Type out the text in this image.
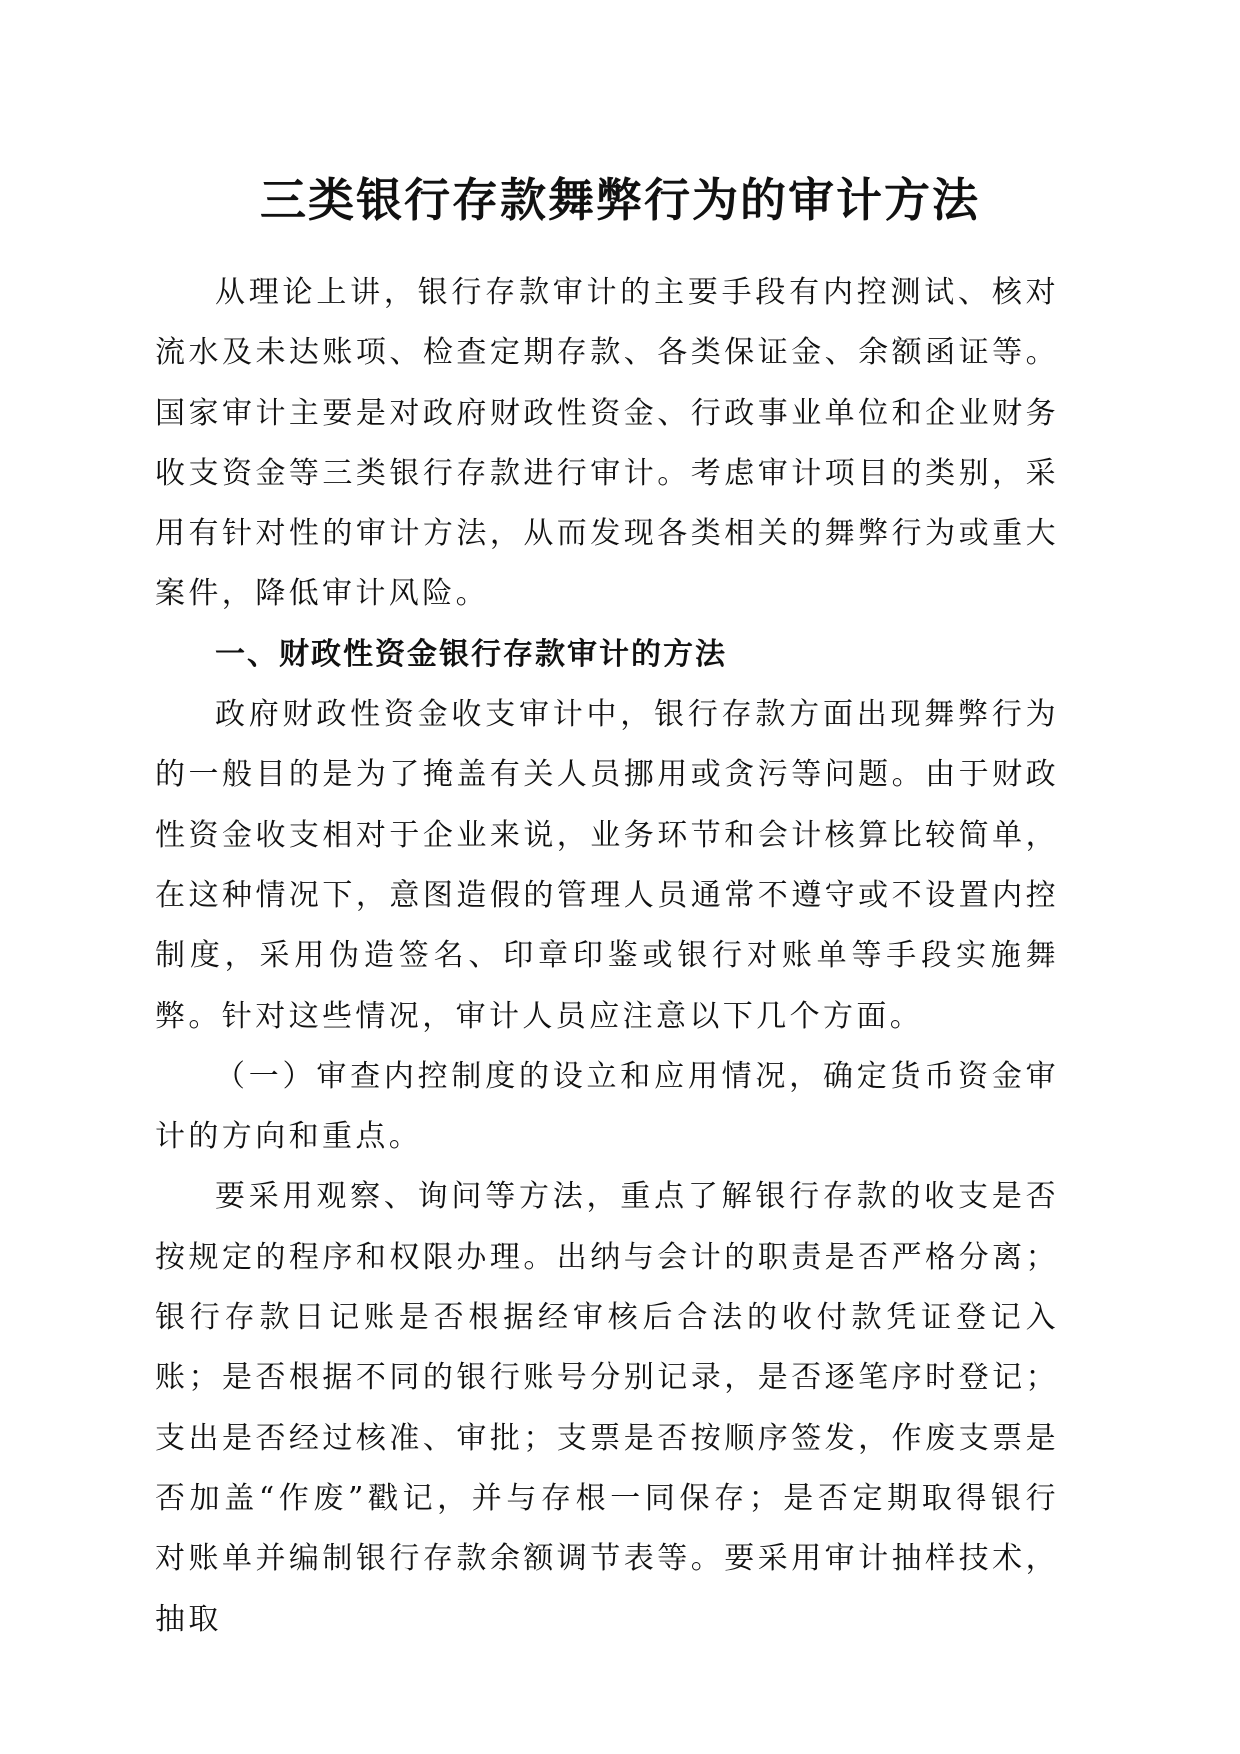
三类银行存款舞弊行为的审计方法

从理论上讲，银行存款审计的主要手段有内控测试、核对流水及未达账项、检查定期存款、各类保证金、余额函证等。国家审计主要是对政府财政性资金、行政事业单位和企业财务收支资金等三类银行存款进行审计。考虑审计项目的类别，采用有针对性的审计方法，从而发现各类相关的舞弊行为或重大案件，降低审计风险。

一、财政性资金银行存款审计的方法

政府财政性资金收支审计中，银行存款方面出现舞弊行为的一般目的是为了掩盖有关人员挪用或贪污等问题。由于财政性资金收支相对于企业来说，业务环节和会计核算比较简单，在这种情况下，意图造假的管理人员通常不遵守或不设置内控制度，采用伪造签名、印章印鉴或银行对账单等手段实施舞弊。针对这些情况，审计人员应注意以下几个方面。

（一）审查内控制度的设立和应用情况，确定货币资金审计的方向和重点。

要采用观察、询问等方法，重点了解银行存款的收支是否按规定的程序和权限办理。出纳与会计的职责是否严格分离；银行存款日记账是否根据经审核后合法的收付款凭证登记入账；是否根据不同的银行账号分别记录，是否逐笔序时登记；支出是否经过核准、审批；支票是否按顺序签发，作废支票是否加盖“作废”戳记，并与存根一同保存；是否定期取得银行对账单并编制银行存款余额调节表等。要采用审计抽样技术，抽取
